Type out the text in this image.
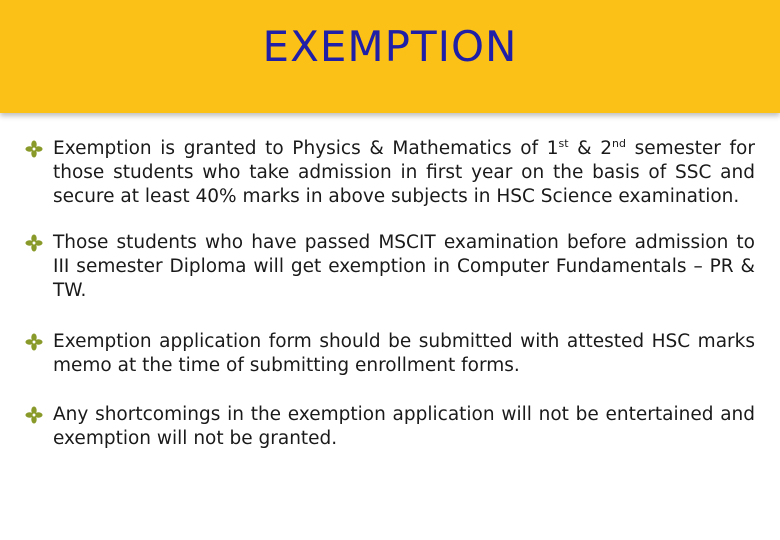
EXEMPTION
Exemption is granted to Physics & Mathematics of 1st & 2nd semester for those students who take admission in first year on the basis of SSC and secure at least 40% marks in above subjects in HSC Science examination.
Those students who have passed MSCIT examination before admission to III semester Diploma will get exemption in Computer Fundamentals – PR & TW.
Exemption application form should be submitted with attested HSC marks memo at the time of submitting enrollment forms.
Any shortcomings in the exemption application will not be entertained and exemption will not be granted.
